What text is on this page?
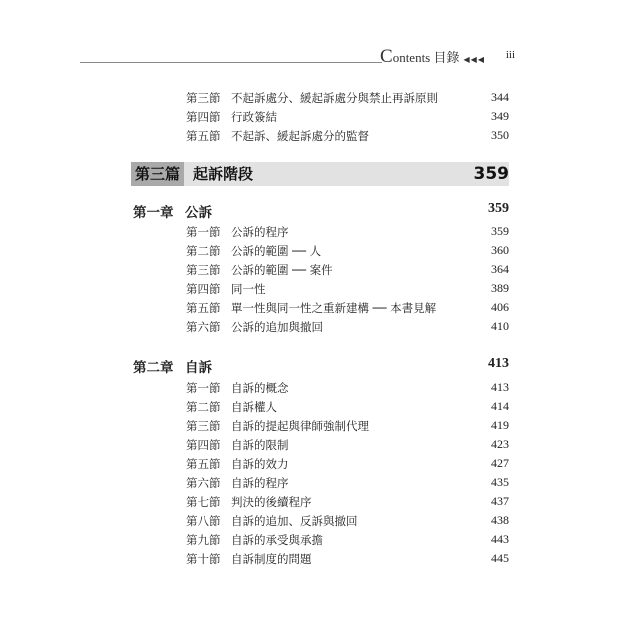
C ontents
目錄 ◀◀◀ iii
第三節 不起訴處分、緩起訴處分與禁止再訴原則	344
第四節 行政簽結	349
第五節 不起訴、緩起訴處分的監督	350
第三篇 起訴階段	359
第一章 公訴	359
第一節 公訴的程序	359
第二節 公訴的範圍 ── 人	360
第三節 公訴的範圍 ── 案件	364
第四節 同一性	389
第五節 單一性與同一性之重新建構 ── 本書見解	406
第六節 公訴的追加與撤回	410
第二章 自訴	413
第一節 自訴的概念	413
第二節 自訴權人	414
第三節 自訴的提起與律師強制代理	419
第四節 自訴的限制	423
第五節 自訴的效力	427
第六節 自訴的程序	435
第七節 判決的後續程序	437
第八節 自訴的追加、反訴與撤回	438
第九節 自訴的承受與承擔	443
第十節 自訴制度的問題	445
